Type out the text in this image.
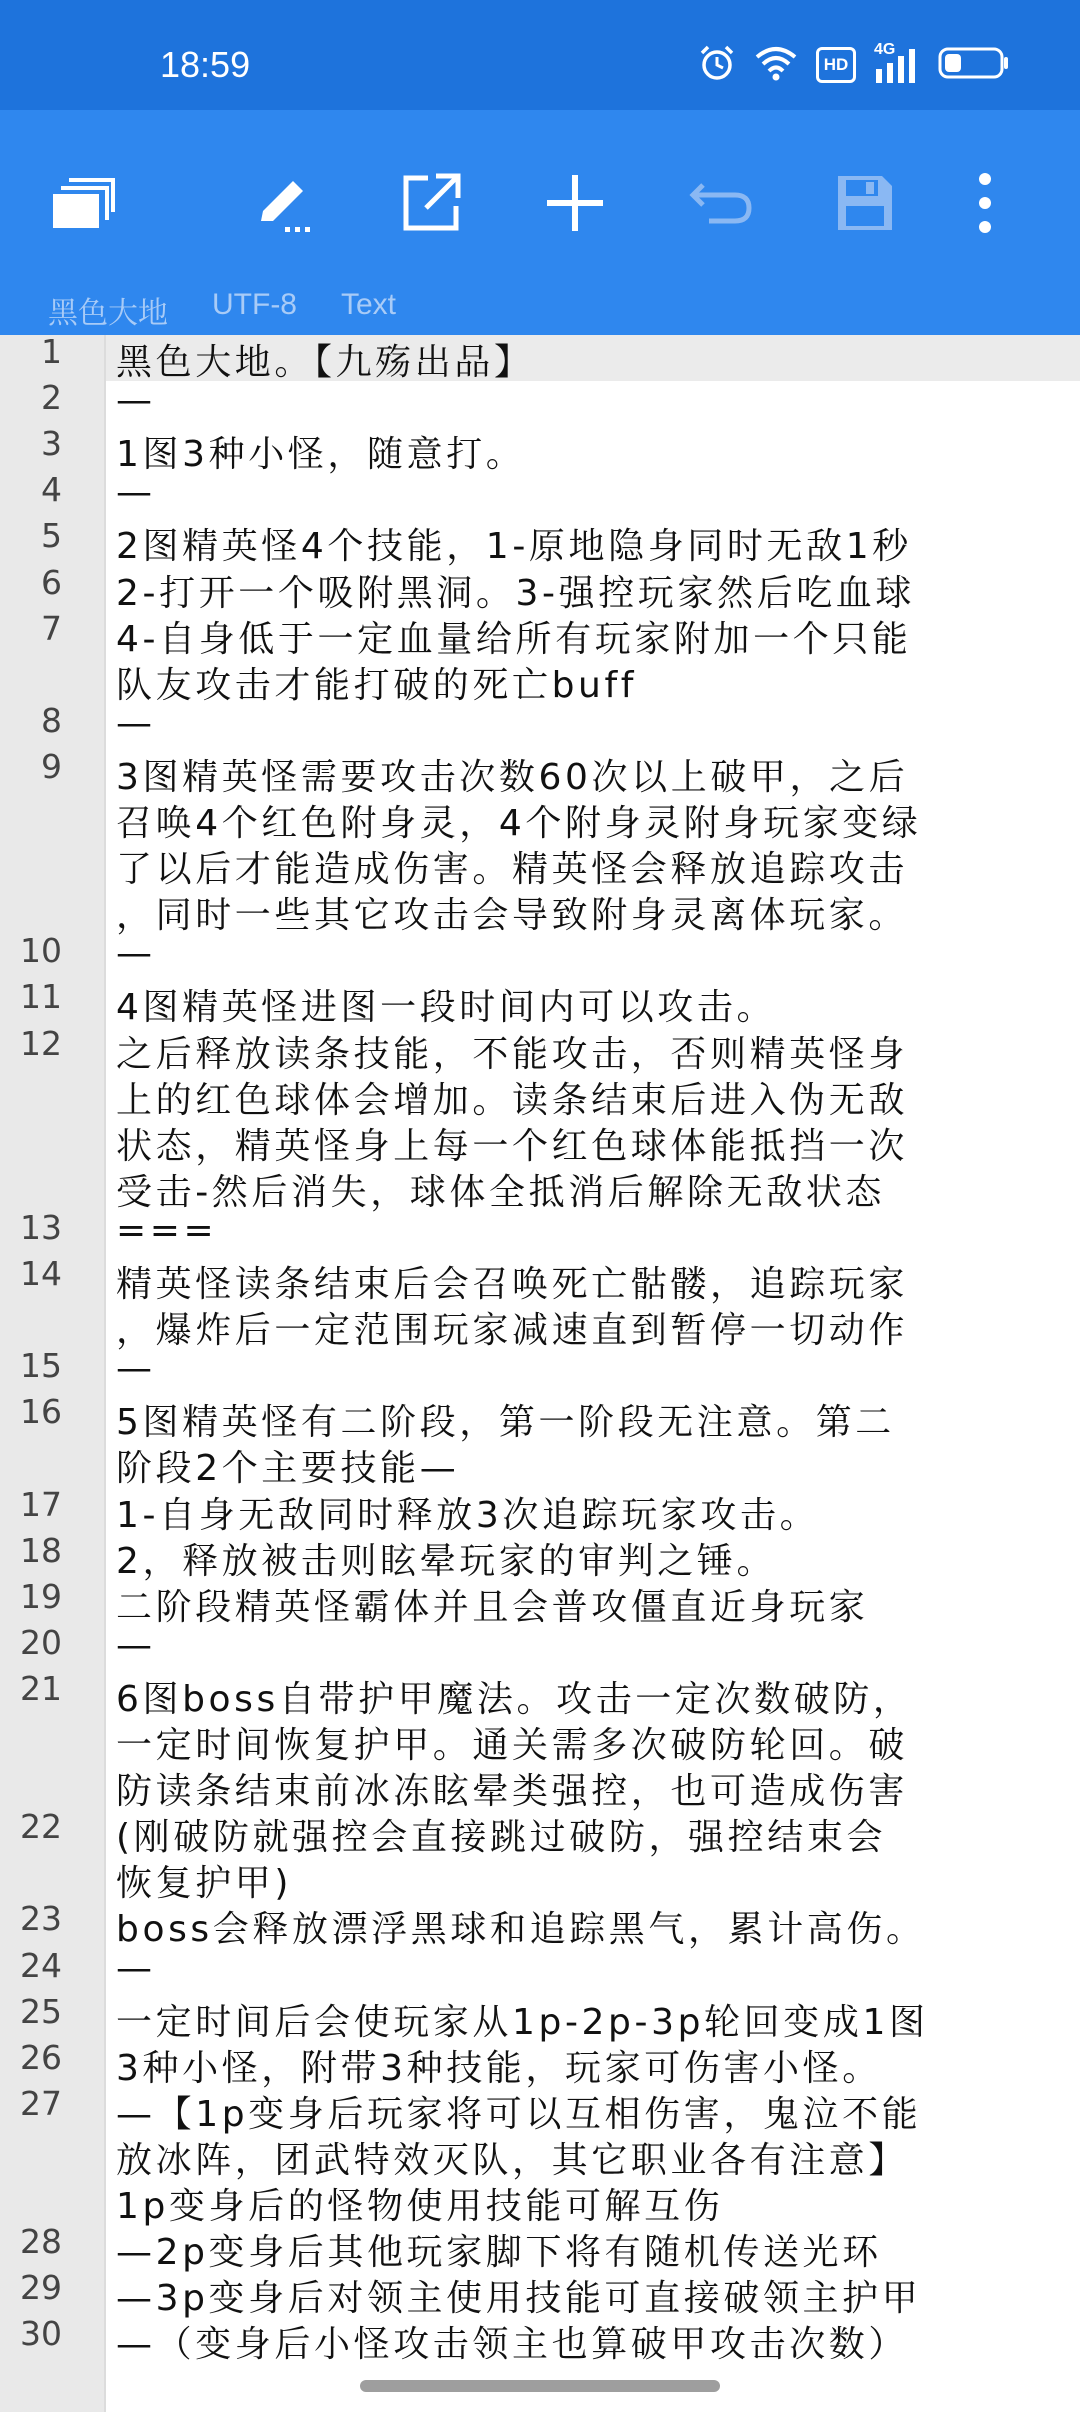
18:59	HD
4G
黑色大地 UTF-8 Text
1
2
3
4
5
6
7
8
9
10
11
12
13
14
15
16
17
18
19
20
21
22
23
24
25
26
27
28
29
30
黑色大地。【九殇出品】
—
1图3种小怪，随意打。
—
2图精英怪4个技能，1-原地隐身同时无敌1秒
2-打开一个吸附黑洞。3-强控玩家然后吃血球
4-自身低于一定血量给所有玩家附加一个只能
队友攻击才能打破的死亡buff
—
3图精英怪需要攻击次数60次以上破甲，之后
召唤4个红色附身灵，4个附身灵附身玩家变绿
了以后才能造成伤害。精英怪会释放追踪攻击
，同时一些其它攻击会导致附身灵离体玩家。
—
4图精英怪进图一段时间内可以攻击。
之后释放读条技能，不能攻击，否则精英怪身
上的红色球体会增加。读条结束后进入伪无敌
状态，精英怪身上每一个红色球体能抵挡一次
受击-然后消失，球体全抵消后解除无敌状态
===
精英怪读条结束后会召唤死亡骷髅，追踪玩家
，爆炸后一定范围玩家减速直到暂停一切动作
—
5图精英怪有二阶段，第一阶段无注意。第二
阶段2个主要技能—
1-自身无敌同时释放3次追踪玩家攻击。
2，释放被击则眩晕玩家的审判之锤。
二阶段精英怪霸体并且会普攻僵直近身玩家
—
6图boss自带护甲魔法。攻击一定次数破防，
一定时间恢复护甲。通关需多次破防轮回。破
防读条结束前冰冻眩晕类强控，也可造成伤害
(刚破防就强控会直接跳过破防，强控结束会
恢复护甲)
boss会释放漂浮黑球和追踪黑气，累计高伤。
—
一定时间后会使玩家从1p-2p-3p轮回变成1图
3种小怪，附带3种技能，玩家可伤害小怪。
—【1p变身后玩家将可以互相伤害，鬼泣不能
放冰阵，团武特效灭队，其它职业各有注意】
1p变身后的怪物使用技能可解互伤
—2p变身后其他玩家脚下将有随机传送光环
—3p变身后对领主使用技能可直接破领主护甲
—（变身后小怪攻击领主也算破甲攻击次数）
